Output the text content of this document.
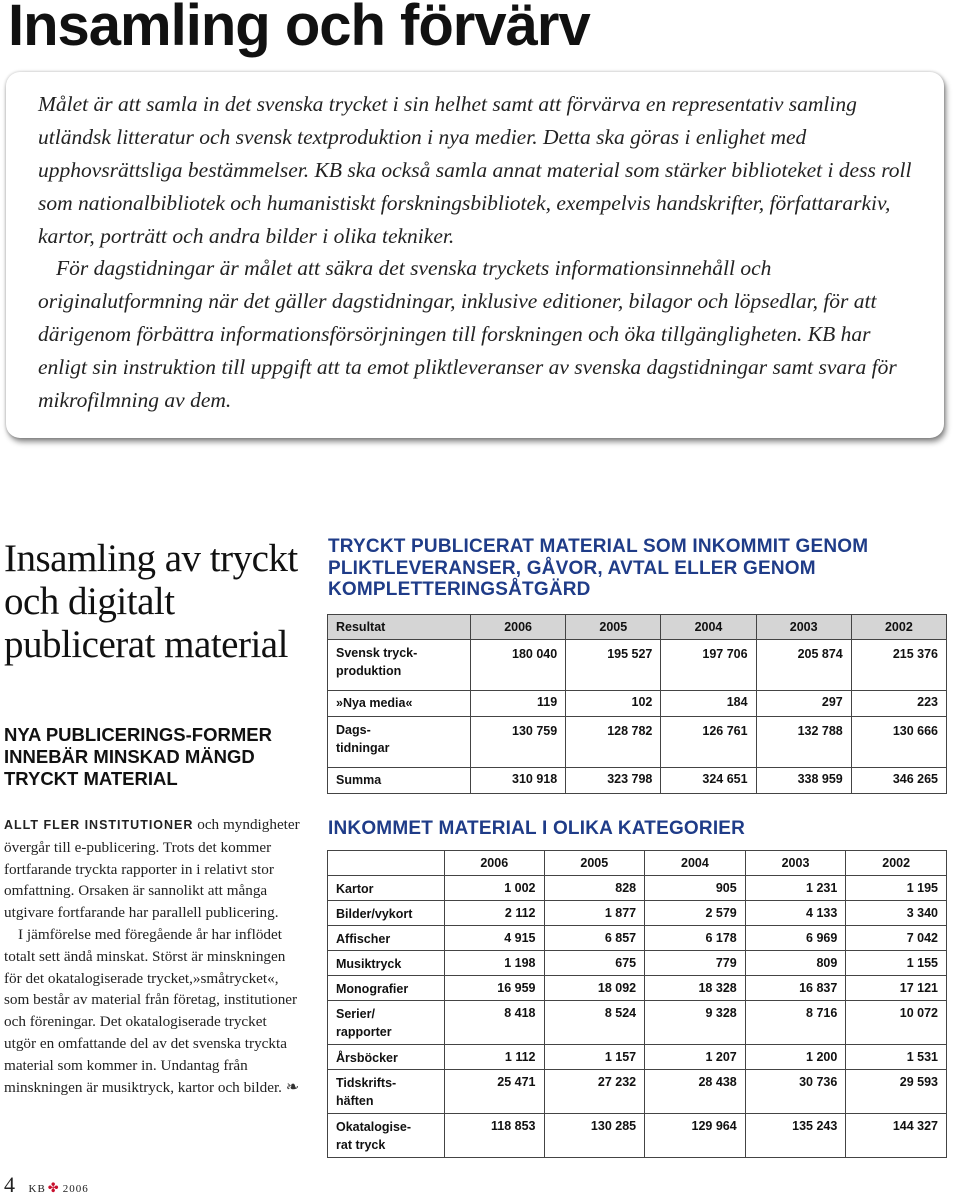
Insamling och förvärv

Målet är att samla in det svenska trycket i sin helhet samt att förvärva en representativ samling utländsk litteratur och svensk textproduktion i nya medier. Detta ska göras i enlighet med upphovsrättsliga bestämmelser. KB ska också samla annat material som stärker biblioteket i dess roll som nationalbibliotek och humanistiskt forskningsbibliotek, exempelvis handskrifter, författararkiv, kartor, porträtt och andra bilder i olika tekniker.

För dagstidningar är målet att säkra det svenska tryckets informationsinnehåll och originalutformning när det gäller dagstidningar, inklusive editioner, bilagor och löpsedlar, för att därigenom förbättra informationsförsörjningen till forskningen och öka tillgängligheten. KB har enligt sin instruktion till uppgift att ta emot pliktleveranser av svenska dagstidningar samt svara för mikrofilmning av dem.

Insamling av tryckt och digitalt publicerat material
NYA PUBLICERINGS-FORMER INNEBÄR MINSKAD MÄNGD TRYCKT MATERIAL

ALLT FLER INSTITUTIONER och myndigheter övergår till e-publicering. Trots det kommer fortfarande tryckta rapporter in i relativt stor omfattning. Orsaken är sannolikt att många utgivare fortfarande har parallell publicering.

I jämförelse med föregående år har inflödet totalt sett ändå minskat. Störst är minskningen för det okatalogiserade trycket,»småtrycket«, som består av material från företag, institutioner och föreningar. Det okatalogiserade trycket utgör en omfattande del av det svenska tryckta material som kommer in. Undantag från minskningen är musiktryck, kartor och bilder. ❧

4 KB ✤ 2006
TRYCKT PUBLICERAT MATERIAL SOM INKOMMIT GENOM PLIKTLEVERANSER, GÅVOR, AVTAL ELLER GENOM KOMPLETTERINGSÅTGÄRD
Resultat	2006	2005	2004	2003	2002
Svensk tryck-
produktion	180 040	195 527	197 706	205 874	215 376
»Nya media«	119	102	184	297	223
Dags-
tidningar	130 759	128 782	126 761	132 788	130 666
Summa	310 918	323 798	324 651	338 959	346 265
INKOMMET MATERIAL I OLIKA KATEGORIER
	2006	2005	2004	2003	2002
Kartor	1 002	828	905	1 231	1 195
Bilder/vykort	2 112	1 877	2 579	4 133	3 340
Affischer	4 915	6 857	6 178	6 969	7 042
Musiktryck	1 198	675	779	809	1 155
Monografier	16 959	18 092	18 328	16 837	17 121
Serier/
rapporter	8 418	8 524	9 328	8 716	10 072
Årsböcker	1 112	1 157	1 207	1 200	1 531
Tidskrifts-
häften	25 471	27 232	28 438	30 736	29 593
Okatalogise-
rat tryck	118 853	130 285	129 964	135 243	144 327
